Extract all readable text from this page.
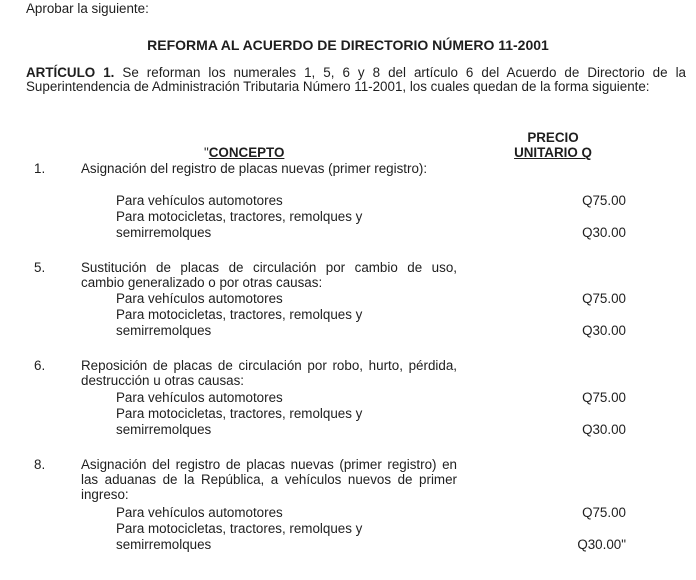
Aprobar la siguiente:
REFORMA AL ACUERDO DE DIRECTORIO NÚMERO 11-2001
ARTÍCULO 1. Se reforman los numerales 1, 5, 6 y 8 del artículo 6 del Acuerdo de Directorio de la Superintendencia de Administración Tributaria Número 11-2001, los cuales quedan de la forma siguiente:
"CONCEPTO
PRECIO
UNITARIO Q
1.	Asignación del registro de placas nuevas (primer registro):
Para vehículos automotores	Q75.00
Para motocicletas, tractores, remolques y
semirremolques	Q30.00
5.	Sustitución de placas de circulación por cambio de uso, cambio generalizado o por otras causas:
Para vehículos automotores	Q75.00
Para motocicletas, tractores, remolques y
semirremolques	Q30.00
6.	Reposición de placas de circulación por robo, hurto, pérdida, destrucción u otras causas:
Para vehículos automotores	Q75.00
Para motocicletas, tractores, remolques y
semirremolques	Q30.00
8.	Asignación del registro de placas nuevas (primer registro) en las aduanas de la República, a vehículos nuevos de primer ingreso:
Para vehículos automotores	Q75.00
Para motocicletas, tractores, remolques y
semirremolques	Q30.00"
